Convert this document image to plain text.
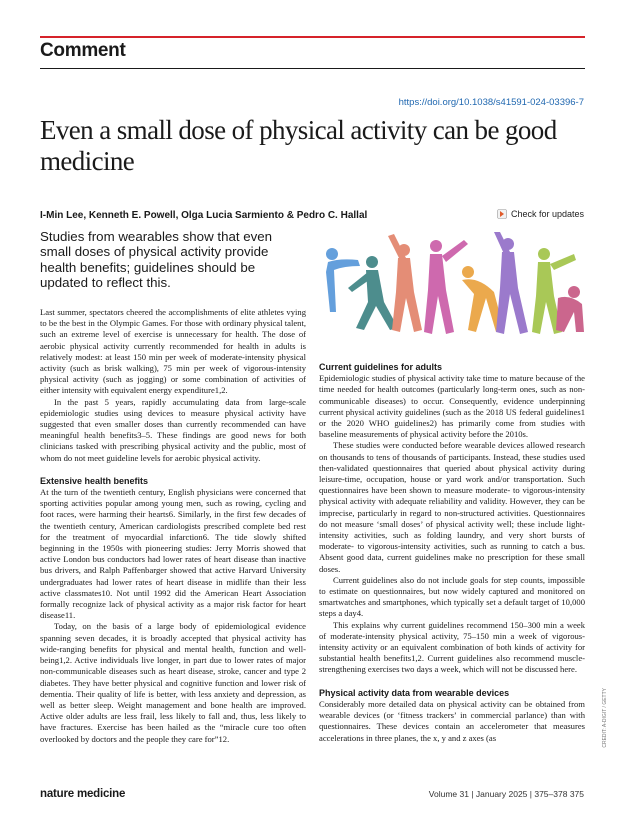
Comment
https://doi.org/10.1038/s41591-024-03396-7
Even a small dose of physical activity can be good medicine
I-Min Lee, Kenneth E. Powell, Olga Lucia Sarmiento & Pedro C. Hallal	Check for updates

Studies from wearables show that even small doses of physical activity provide health benefits; guidelines should be updated to reflect this.

Last summer, spectators cheered the accomplishments of elite athletes vying to be the best in the Olympic Games. For those with ordinary physical talent, such an extreme level of exercise is unnecessary for health. The dose of aerobic physical activity currently recommended for health in adults is relatively modest: at least 150 min per week of moderate-intensity physical activity (such as brisk walking), 75 min per week of vigorous-intensity physical activity (such as jogging) or some combination of activities of either intensity with equivalent energy expenditure1,2.

In the past 5 years, rapidly accumulating data from large-scale epidemiologic studies using devices to measure physical activity have suggested that even smaller doses than currently recommended can have meaningful health benefits3–5. These findings are good news for both clinicians tasked with prescribing physical activity and the public, most of whom do not meet guideline levels for aerobic physical activity.

Extensive health benefits

At the turn of the twentieth century, English physicians were concerned that sporting activities popular among young men, such as rowing, cycling and foot races, were harming their hearts6. Similarly, in the first few decades of the twentieth century, American cardiologists prescribed complete bed rest for the treatment of myocardial infarction6. The tide slowly shifted beginning in the 1950s with pioneering studies: Jerry Morris showed that active London bus conductors had lower rates of heart disease than inactive bus drivers, and Ralph Paffenbarger showed that active Harvard University undergraduates had lower rates of heart disease in midlife than their less active classmates10. Not until 1992 did the American Heart Association formally recognize lack of physical activity as a major risk factor for heart disease11.

Today, on the basis of a large body of epidemiological evidence spanning seven decades, it is broadly accepted that physical activity has wide-ranging benefits for physical and mental health, function and well-being1,2. Active individuals live longer, in part due to lower rates of major non-communicable diseases such as heart disease, stroke, cancer and type 2 diabetes. They have better physical and cognitive function and lower risk of dementia. Their quality of life is better, with less anxiety and depression, as well as better sleep. Weight management and bone health are improved. Active older adults are less frail, less likely to fall and, thus, less likely to have fractures. Exercise has been hailed as the “miracle cure too often overlooked by doctors and the people they care for”12.

Current guidelines for adults

Epidemiologic studies of physical activity take time to mature because of the time needed for health outcomes (particularly long-term ones, such as non-communicable diseases) to occur. Consequently, evidence underpinning current physical activity guidelines (such as the 2018 US federal guidelines1 or the 2020 WHO guidelines2) has primarily come from studies with baseline measurements of physical activity before the 2010s.

These studies were conducted before wearable devices allowed research on thousands to tens of thousands of participants. Instead, these studies used then-validated questionnaires that queried about physical activity during leisure-time, occupation, house or yard work and/or transportation. Such questionnaires have been shown to measure moderate- to vigorous-intensity physical activity with adequate reliability and validity. However, they can be imprecise, particularly in regard to non-structured activities. Questionnaires do not measure ‘small doses’ of physical activity well; these include light-intensity activities, such as folding laundry, and very short bursts of moderate- to vigorous-intensity activities, such as running to catch a bus. Absent good data, current guidelines make no prescription for these small doses.

Current guidelines also do not include goals for step counts, impossible to estimate on questionnaires, but now widely captured and monitored on smartwatches and smartphones, which typically set a default target of 10,000 steps a day4.

This explains why current guidelines recommend 150–300 min a week of moderate-intensity physical activity, 75–150 min a week of vigorous-intensity activity or an equivalent combination of both kinds of activity for substantial health benefits1,2. Current guidelines also recommend muscle-strengthening exercises two days a week, which will not be discussed here.

Physical activity data from wearable devices

Considerably more detailed data on physical activity can be obtained from wearable devices (or ‘fitness trackers’ in commercial parlance) than with questionnaires. These devices contain an accelerometer that measures accelerations in three planes, the x, y and z axes (as

nature medicine	Volume 31 | January 2025 | 375–378 375
CREDIT: A-DIGIT / GETTY
